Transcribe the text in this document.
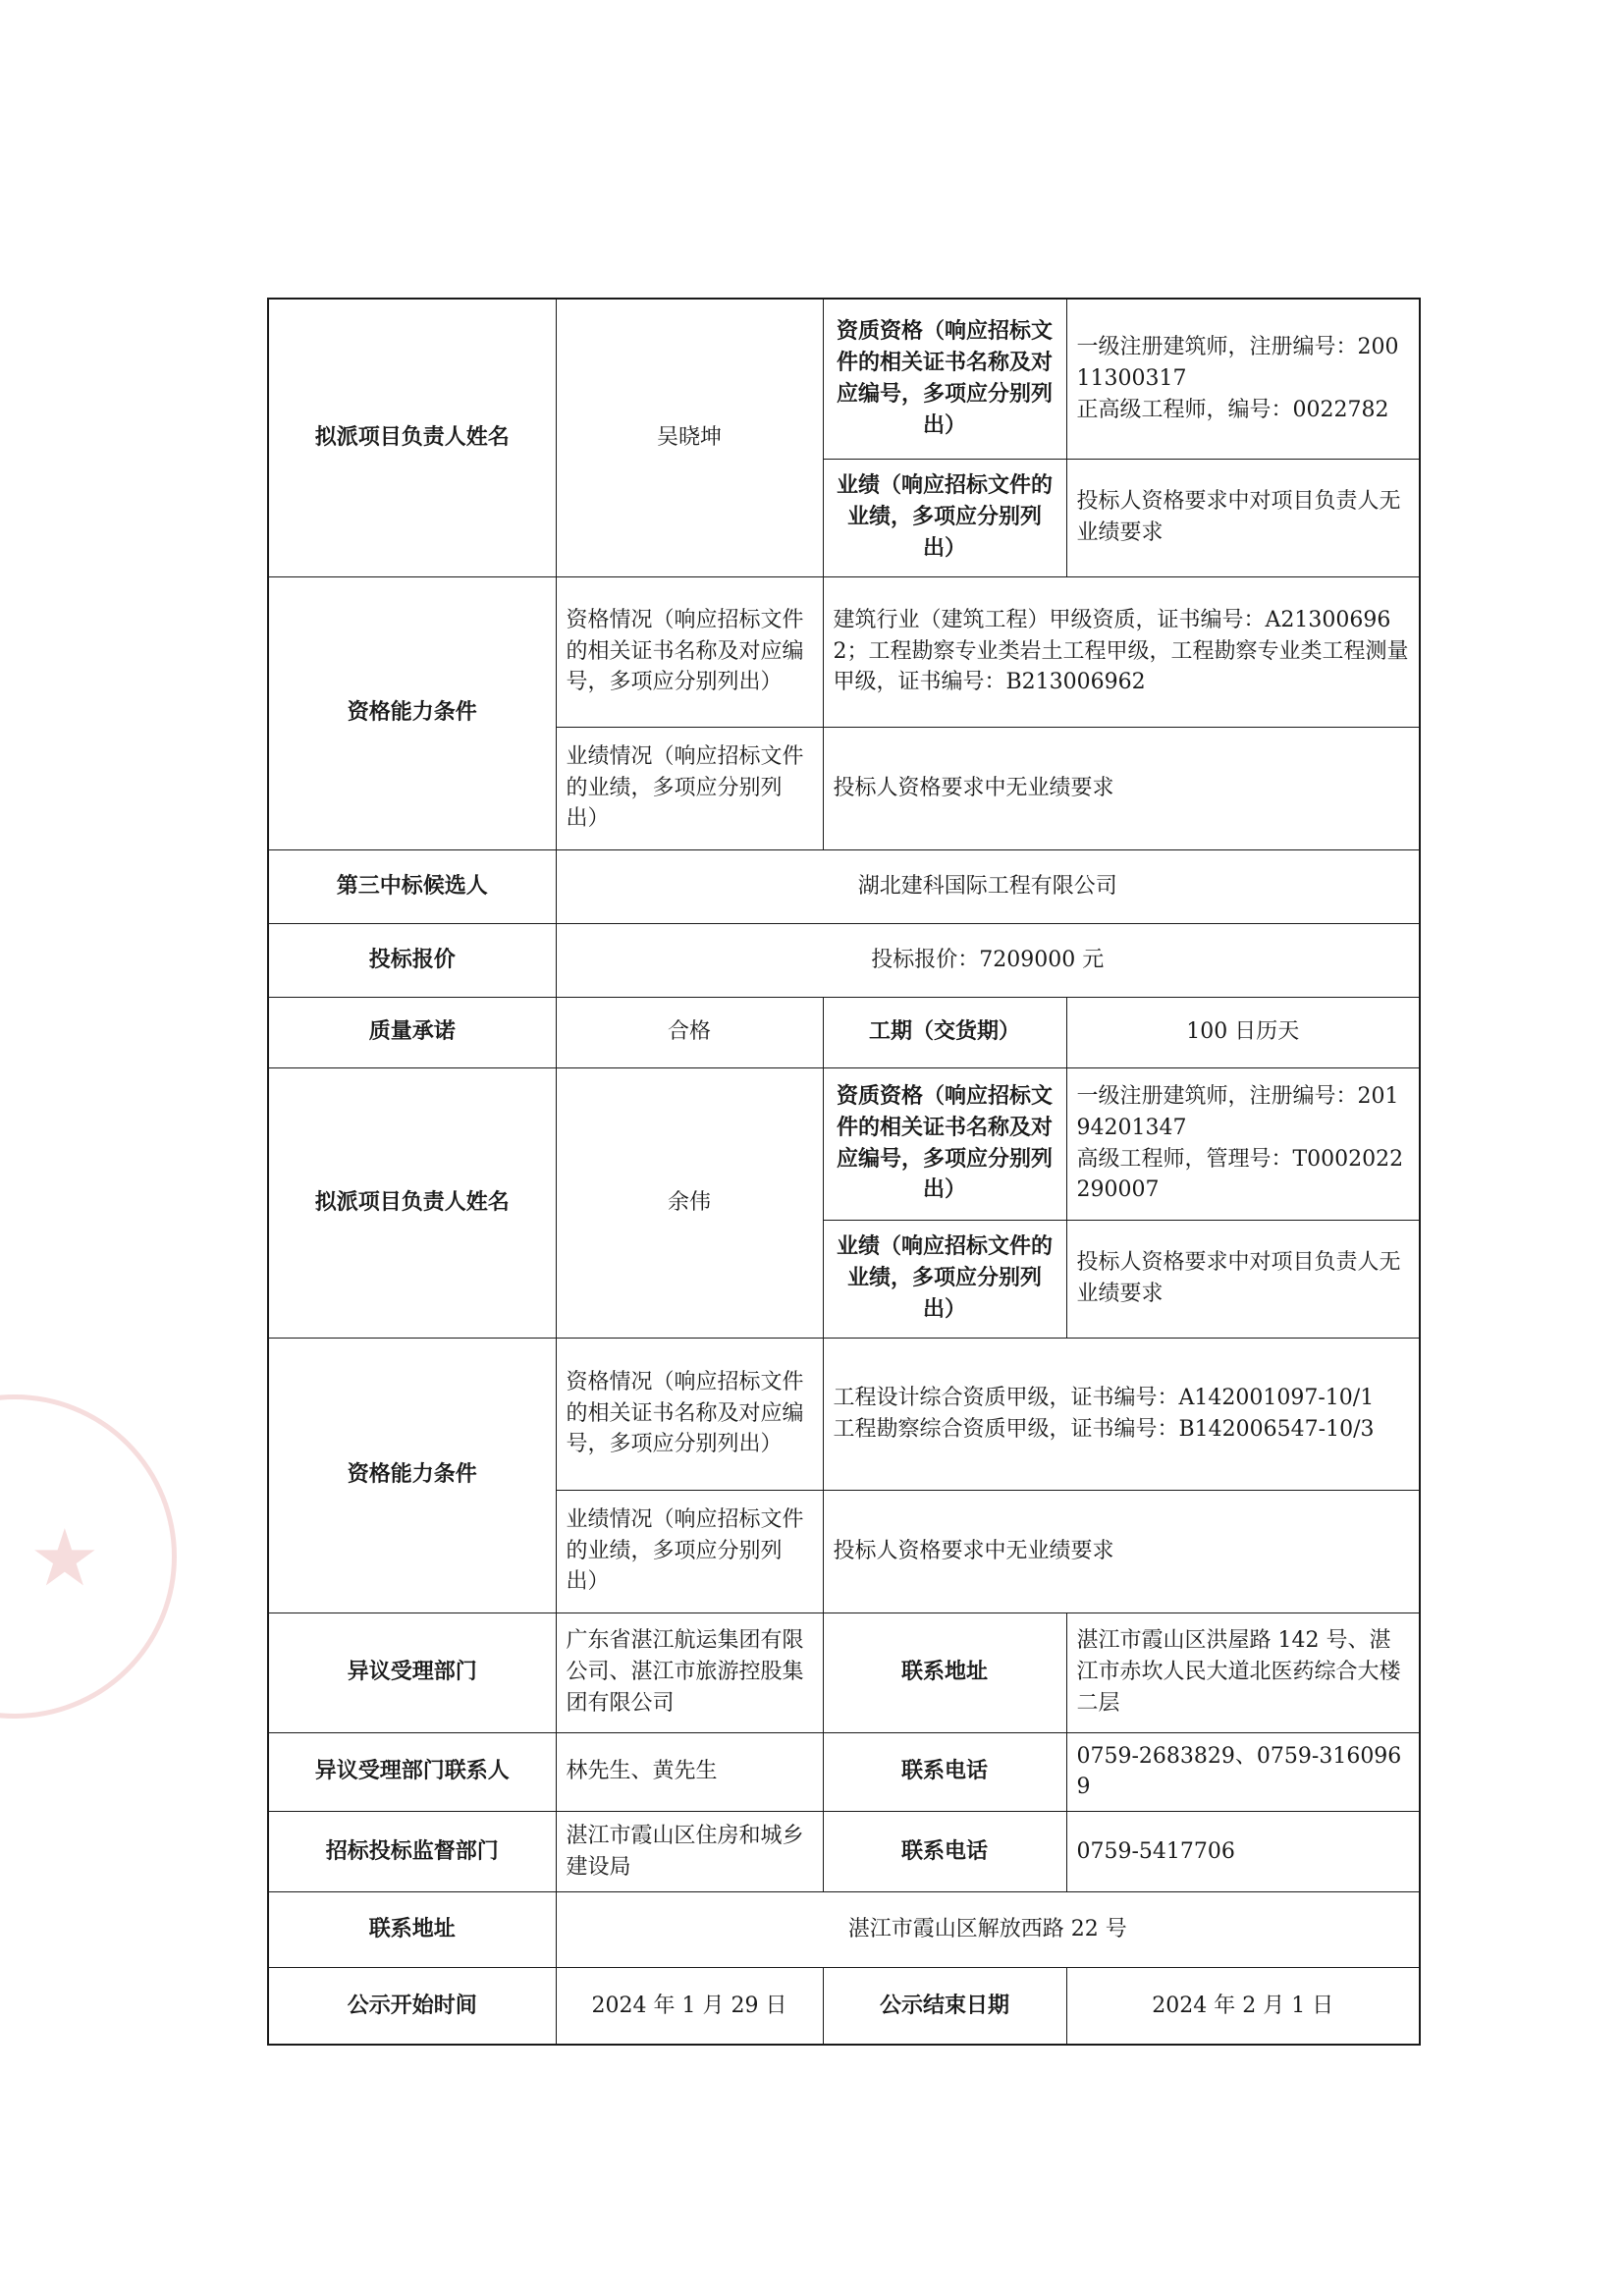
★
拟派项目负责人姓名	吴晓坤	资质资格（响应招标文件的相关证书名称及对应编号，多项应分别列出）	一级注册建筑师，注册编号：20011300317
正高级工程师，编号：0022782

		业绩（响应招标文件的业绩，多项应分别列出）	投标人资格要求中对项目负责人无业绩要求
资格能力条件	资格情况（响应招标文件的相关证书名称及对应编号，多项应分别列出）	建筑行业（建筑工程）甲级资质，证书编号：A213006962；工程勘察专业类岩土工程甲级，工程勘察专业类工程测量甲级，证书编号：B213006962	
	业绩情况（响应招标文件的业绩，多项应分别列出）	投标人资格要求中无业绩要求	
第三中标候选人	湖北建科国际工程有限公司		
投标报价	投标报价：7209000 元		
质量承诺	合格	工期（交货期）	100 日历天
拟派项目负责人姓名	余伟	资质资格（响应招标文件的相关证书名称及对应编号，多项应分别列出）	一级注册建筑师，注册编号：20194201347
高级工程师，管理号：T0002022290007

		业绩（响应招标文件的业绩，多项应分别列出）	投标人资格要求中对项目负责人无业绩要求
资格能力条件	资格情况（响应招标文件的相关证书名称及对应编号，多项应分别列出）	工程设计综合资质甲级，证书编号：A142001097-10/1
工程勘察综合资质甲级，证书编号：B142006547-10/3	

	业绩情况（响应招标文件的业绩，多项应分别列出）	投标人资格要求中无业绩要求	
异议受理部门	广东省湛江航运集团有限公司、湛江市旅游控股集团有限公司	联系地址	湛江市霞山区洪屋路 142 号、湛江市赤坎人民大道北医药综合大楼二层
异议受理部门联系人	林先生、黄先生	联系电话	0759-2683829、0759-3160969
招标投标监督部门	湛江市霞山区住房和城乡建设局	联系电话	0759-5417706
联系地址	湛江市霞山区解放西路 22 号		
公示开始时间	2024 年 1 月 29 日	公示结束日期	2024 年 2 月 1 日
